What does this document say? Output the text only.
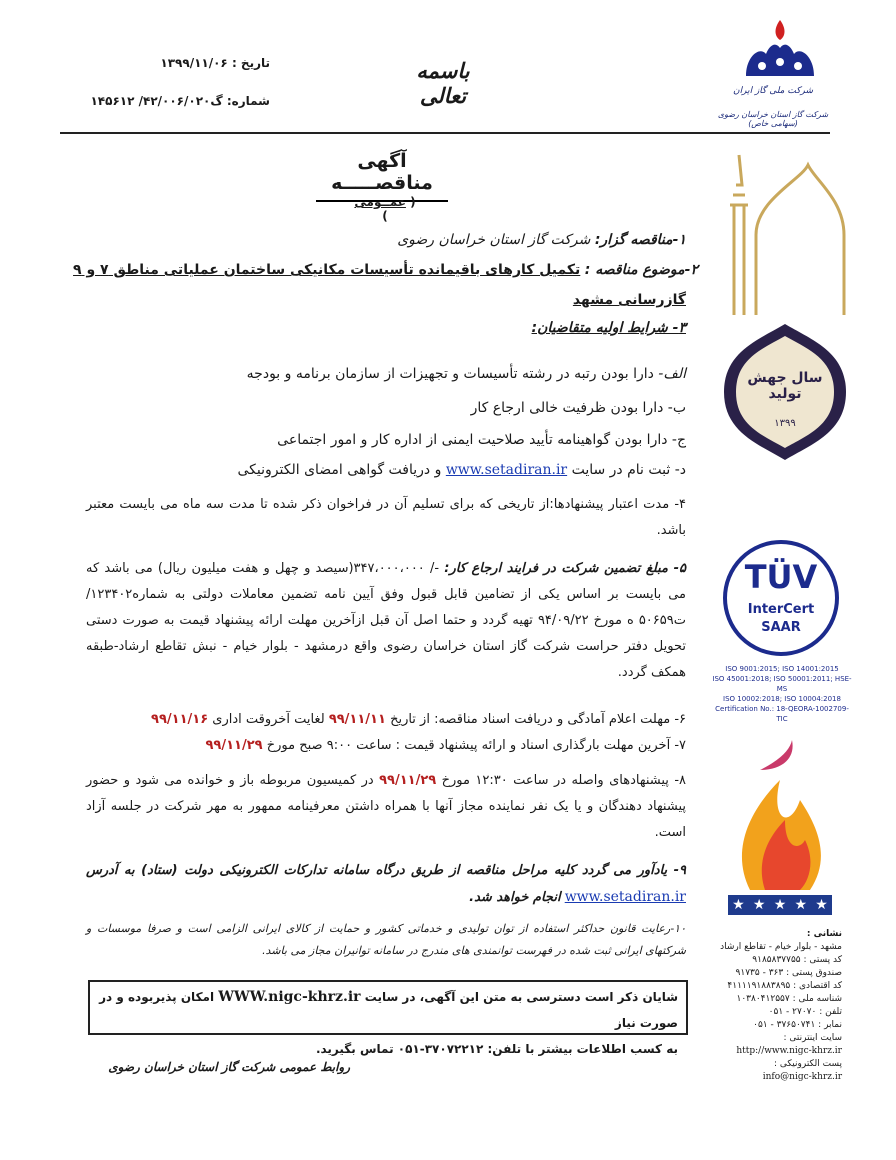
شرکت ملی گاز ایران
شرکت گاز استان خراسان رضوی (سهامی خاص)
باسمه تعالی
تاریخ : ۱۳۹۹/۱۱/۰۶
شماره: گ۴۲/۰۰۶/۰۲۰/ ۱۴۵۶۱۲
آگهی مناقصـــــه
( عمــومی )
۱-مناقصه گزار: شرکت گاز استان خراسان رضوی
۲-موضوع مناقصه : تکمیل کارهای باقیمانده تأسیسات مکانیکی ساختمان عملیاتی مناطق ۷ و ۹
گازرسانی مشهد
۳- شرایط اولیه متقاضیان:
الف- دارا بودن رتبه در رشته تأسیسات و تجهیزات از سازمان برنامه و بودجه
ب- دارا بودن ظرفیت خالی ارجاع کار
ج- دارا بودن گواهینامه تأیید صلاحیت ایمنی از اداره کار و امور اجتماعی
د- ثبت نام در سایت www.setadiran.ir و دریافت گواهی امضای الکترونیکی
۴- مدت اعتبار پیشنهادها:از تاریخی که برای تسلیم آن در فراخوان ذکر شده تا مدت سه ماه می بایست معتبر باشد.
۵- مبلغ تضمین شرکت در فرایند ارجاع کار: -/ ۳۴۷،۰۰۰،۰۰۰(سیصد و چهل و هفت میلیون ریال) می باشد که می بایست بر اساس یکی از تضامین قابل قبول وفق آیین نامه تضمین معاملات دولتی به شماره۱۲۳۴۰۲/ت۵۰۶۵۹ ه مورخ ۹۴/۰۹/۲۲ تهیه گردد و حتما اصل آن قبل ازآخرین مهلت ارائه پیشنهاد قیمت به صورت دستی تحویل دفتر حراست شرکت گاز استان خراسان رضوی واقع درمشهد - بلوار خیام - نبش تقاطع ارشاد-طبقه همکف گردد.
۶- مهلت اعلام آمادگی و دریافت اسناد مناقصه: از تاریخ ۹۹/۱۱/۱۱ لغایت آخروقت اداری ۹۹/۱۱/۱۶
۷- آخرین مهلت بارگذاری اسناد و ارائه پیشنهاد قیمت : ساعت ۹:۰۰ صبح مورخ ۹۹/۱۱/۲۹
۸- پیشنهادهای واصله در ساعت ۱۲:۳۰ مورخ ۹۹/۱۱/۲۹ در کمیسیون مربوطه باز و خوانده می شود و حضور پیشنهاد دهندگان و یا یک نفر نماینده مجاز آنها با همراه داشتن معرفینامه ممهور به مهر شرکت در جلسه آزاد است.
۹- یادآور می گردد کلیه مراحل مناقصه از طریق درگاه سامانه تدارکات الکترونیکی دولت (ستاد) به آدرس www.setadiran.ir انجام خواهد شد.
۱۰-رعایت قانون حداکثر استفاده از توان تولیدی و خدماتی کشور و حمایت از کالای ایرانی الزامی است و صرفا موسسات و شرکتهای ایرانی ثبت شده در فهرست توانمندی های مندرج در سامانه توانیران مجاز می باشد.
شایان ذکر است دسترسی به متن این آگهی، در سایت WWW.nigc-khrz.ir امکان پذیربوده و در صورت نیاز
به کسب اطلاعات بیشتر با تلفن: ۳۷۰۷۲۲۱۲-۰۵۱ تماس بگیرید.
روابط عمومی شرکت گاز استان خراسان رضوی
سال جهش تولید
۱۳۹۹
TÜV
InterCert
SAAR
ISO 9001:2015; ISO 14001:2015
ISO 45001:2018; ISO 50001:2011; HSE-MS
ISO 10002:2018; ISO 10004:2018
Certification No.: 18-QEORA-1002709-TIC
★ ★ ★ ★ ★
نشانی :
مشهد - بلوار خیام - تقاطع ارشاد
کد پستی : ۹۱۸۵۸۳۷۷۵۵
صندوق پستی : ۳۶۳ - ۹۱۷۳۵
کد اقتصادی : ۴۱۱۱۱۹۱۸۸۳۸۹۵
شناسه ملی : ۱۰۳۸۰۴۱۲۵۵۷
تلفن : ۲۷۰۷۰ - ۰۵۱
نمابر : ۳۷۶۵۰۷۴۱ - ۰۵۱
سایت اینترنتی :
http://www.nigc-khrz.ir
پست الکترونیکی :
info@nigc-khrz.ir
